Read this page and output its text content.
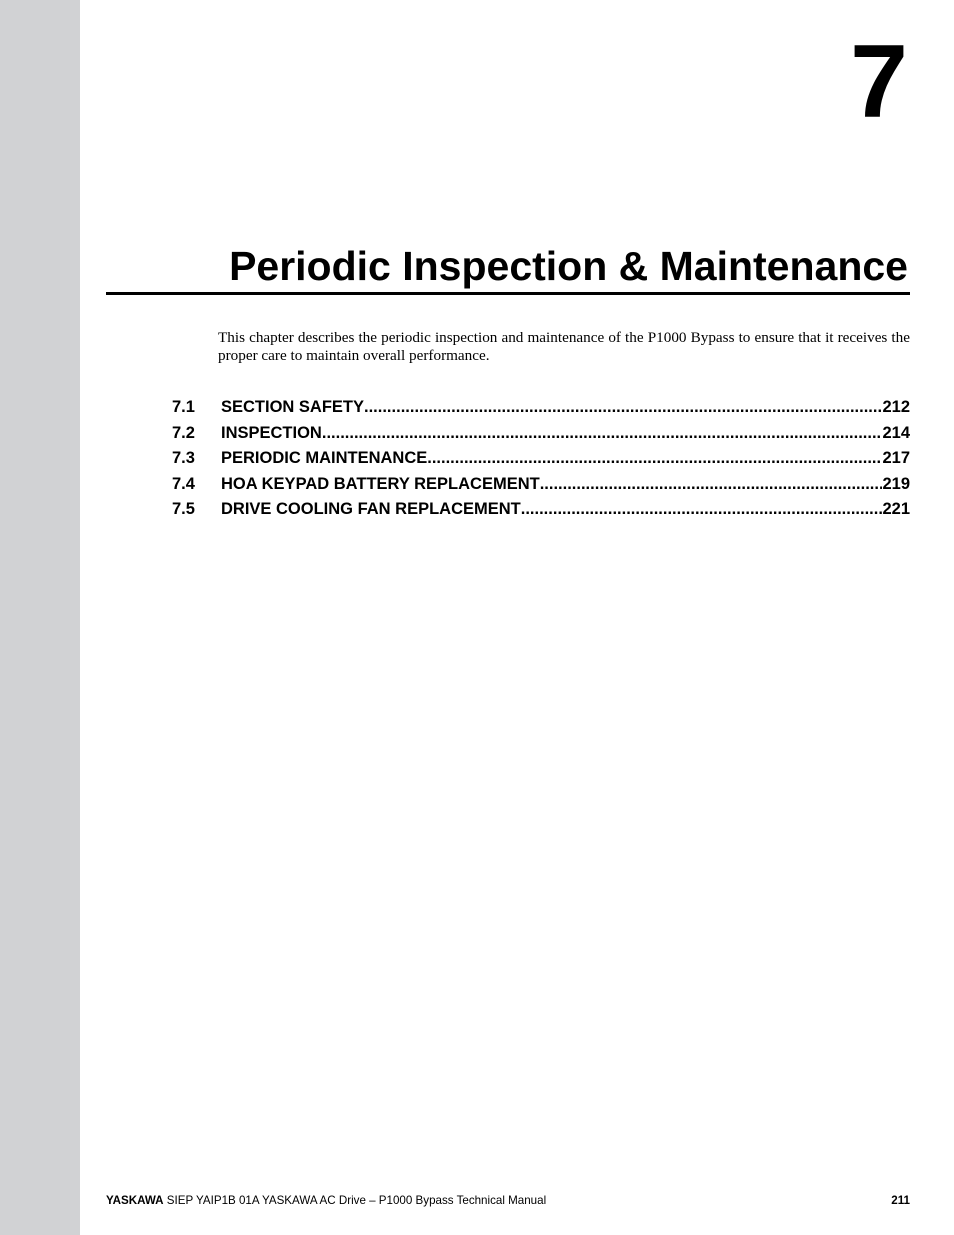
7
Periodic Inspection & Maintenance
This chapter describes the periodic inspection and maintenance of the P1000 Bypass to ensure that it receives the proper care to maintain overall performance.
7.1	SECTION SAFETY .....	212
7.2	INSPECTION .....	214
7.3	PERIODIC MAINTENANCE .....	217
7.4	HOA KEYPAD BATTERY REPLACEMENT .....	219
7.5	DRIVE COOLING FAN REPLACEMENT .....	221
YASKAWA SIEP YAIP1B 01A YASKAWA AC Drive – P1000 Bypass Technical Manual	211
